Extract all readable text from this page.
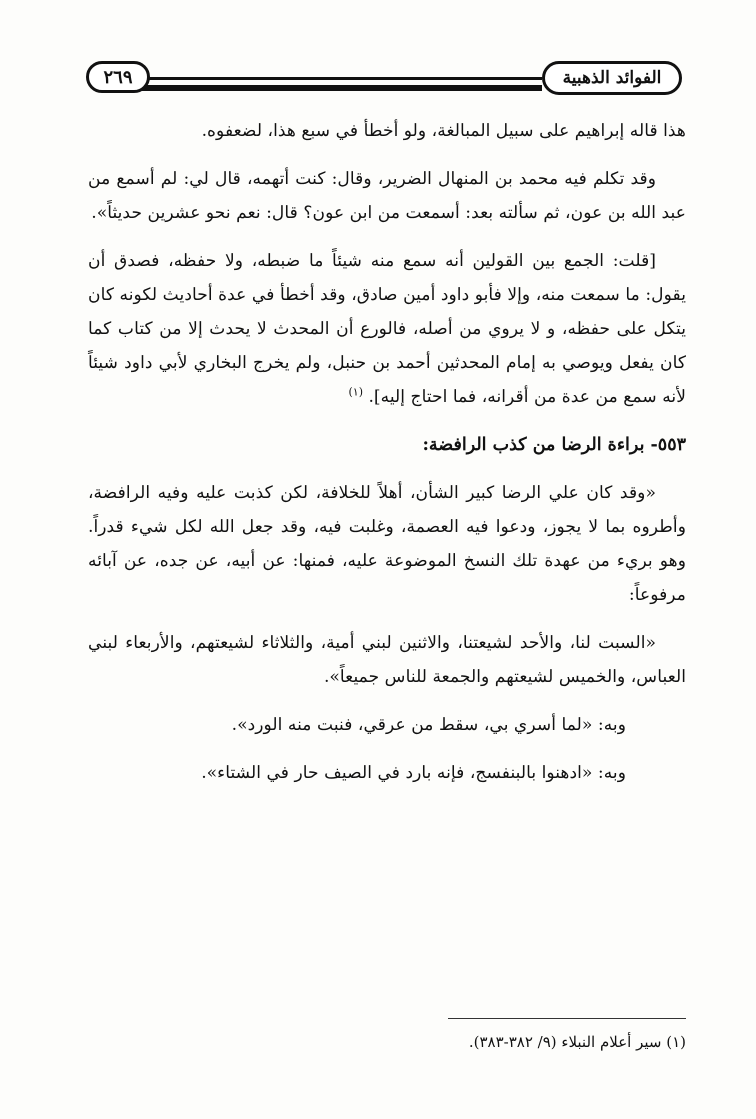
الفوائد الذهبية
٢٦٩

هذا قاله إبراهيم على سبيل المبالغة، ولو أخطأ في سبع هذا، لضعفوه.

وقد تكلم فيه محمد بن المنهال الضرير، وقال: كنت أتهمه، قال لي: لم أسمع من عبد الله بن عون، ثم سألته بعد: أسمعت من ابن عون؟ قال: نعم نحو عشرين حديثاً».

[قلت: الجمع بين القولين أنه سمع منه شيئاً ما ضبطه، ولا حفظه، فصدق أن يقول: ما سمعت منه، وإلا فأبو داود أمين صادق، وقد أخطأ في عدة أحاديث لكونه كان يتكل على حفظه، و لا يروي من أصله، فالورع أن المحدث لا يحدث إلا من كتاب كما كان يفعل ويوصي به إمام المحدثين أحمد بن حنبل، ولم يخرج البخاري لأبي داود شيئاً لأنه سمع من عدة من أقرانه، فما احتاج إليه]. $^{(١)}$

٥٥٣- براءة الرضا من كذب الرافضة:

«وقد كان علي الرضا كبير الشأن، أهلاً للخلافة، لكن كذبت عليه وفيه الرافضة، وأطروه بما لا يجوز، ودعوا فيه العصمة، وغلبت فيه، وقد جعل الله لكل شيء قدراً. وهو بريء من عهدة تلك النسخ الموضوعة عليه، فمنها: عن أبيه، عن جده، عن آبائه مرفوعاً:

«السبت لنا، والأحد لشيعتنا، والاثنين لبني أمية، والثلاثاء لشيعتهم، والأربعاء لبني العباس، والخميس لشيعتهم والجمعة للناس جميعاً».

وبه: «لما أسري بي، سقط من عرقي، فنبت منه الورد».

وبه: «ادهنوا بالبنفسج، فإنه بارد في الصيف حار في الشتاء».

(١) سير أعلام النبلاء (٩/ ٣٨٢-٣٨٣).
